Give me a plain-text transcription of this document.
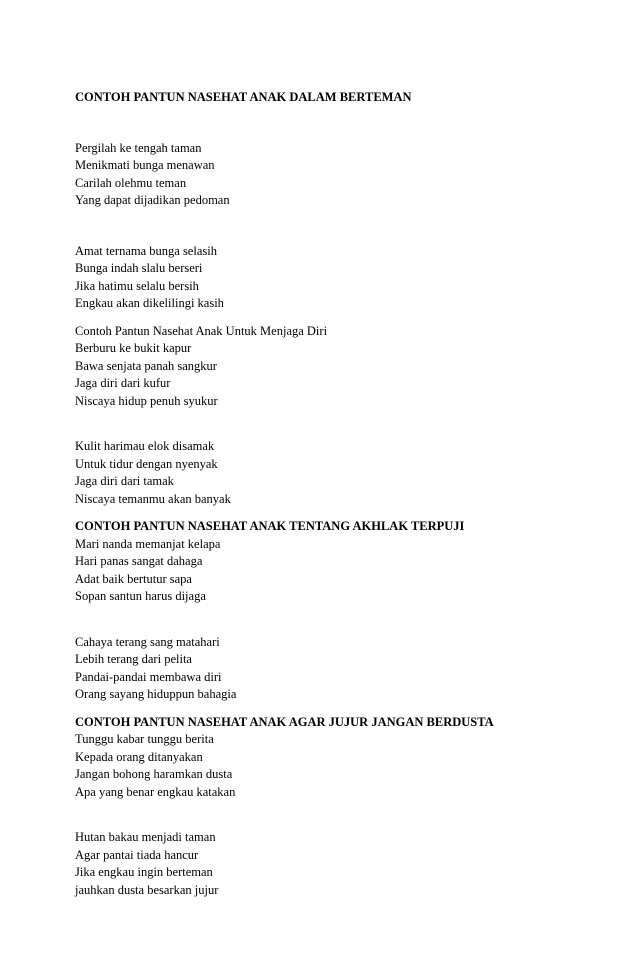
CONTOH PANTUN NASEHAT ANAK DALAM BERTEMAN

Pergilah ke tengah taman

Menikmati bunga menawan

Carilah olehmu teman

Yang dapat dijadikan pedoman

Amat ternama bunga selasih

Bunga indah slalu berseri

Jika hatimu selalu bersih

Engkau akan dikelilingi kasih

Contoh Pantun Nasehat Anak Untuk Menjaga Diri

Berburu ke bukit kapur

Bawa senjata panah sangkur

Jaga diri dari kufur

Niscaya hidup penuh syukur

Kulit harimau elok disamak

Untuk tidur dengan nyenyak

Jaga diri dari tamak

Niscaya temanmu akan banyak

CONTOH PANTUN NASEHAT ANAK TENTANG AKHLAK TERPUJI

Mari nanda memanjat kelapa

Hari panas sangat dahaga

Adat baik bertutur sapa

Sopan santun harus dijaga

Cahaya terang sang matahari

Lebih terang dari pelita

Pandai-pandai membawa diri

Orang sayang hiduppun bahagia

CONTOH PANTUN NASEHAT ANAK AGAR JUJUR JANGAN BERDUSTA

Tunggu kabar tunggu berita

Kepada orang ditanyakan

Jangan bohong haramkan dusta

Apa yang benar engkau katakan

Hutan bakau menjadi taman

Agar pantai tiada hancur

Jika engkau ingin berteman

jauhkan dusta besarkan jujur
